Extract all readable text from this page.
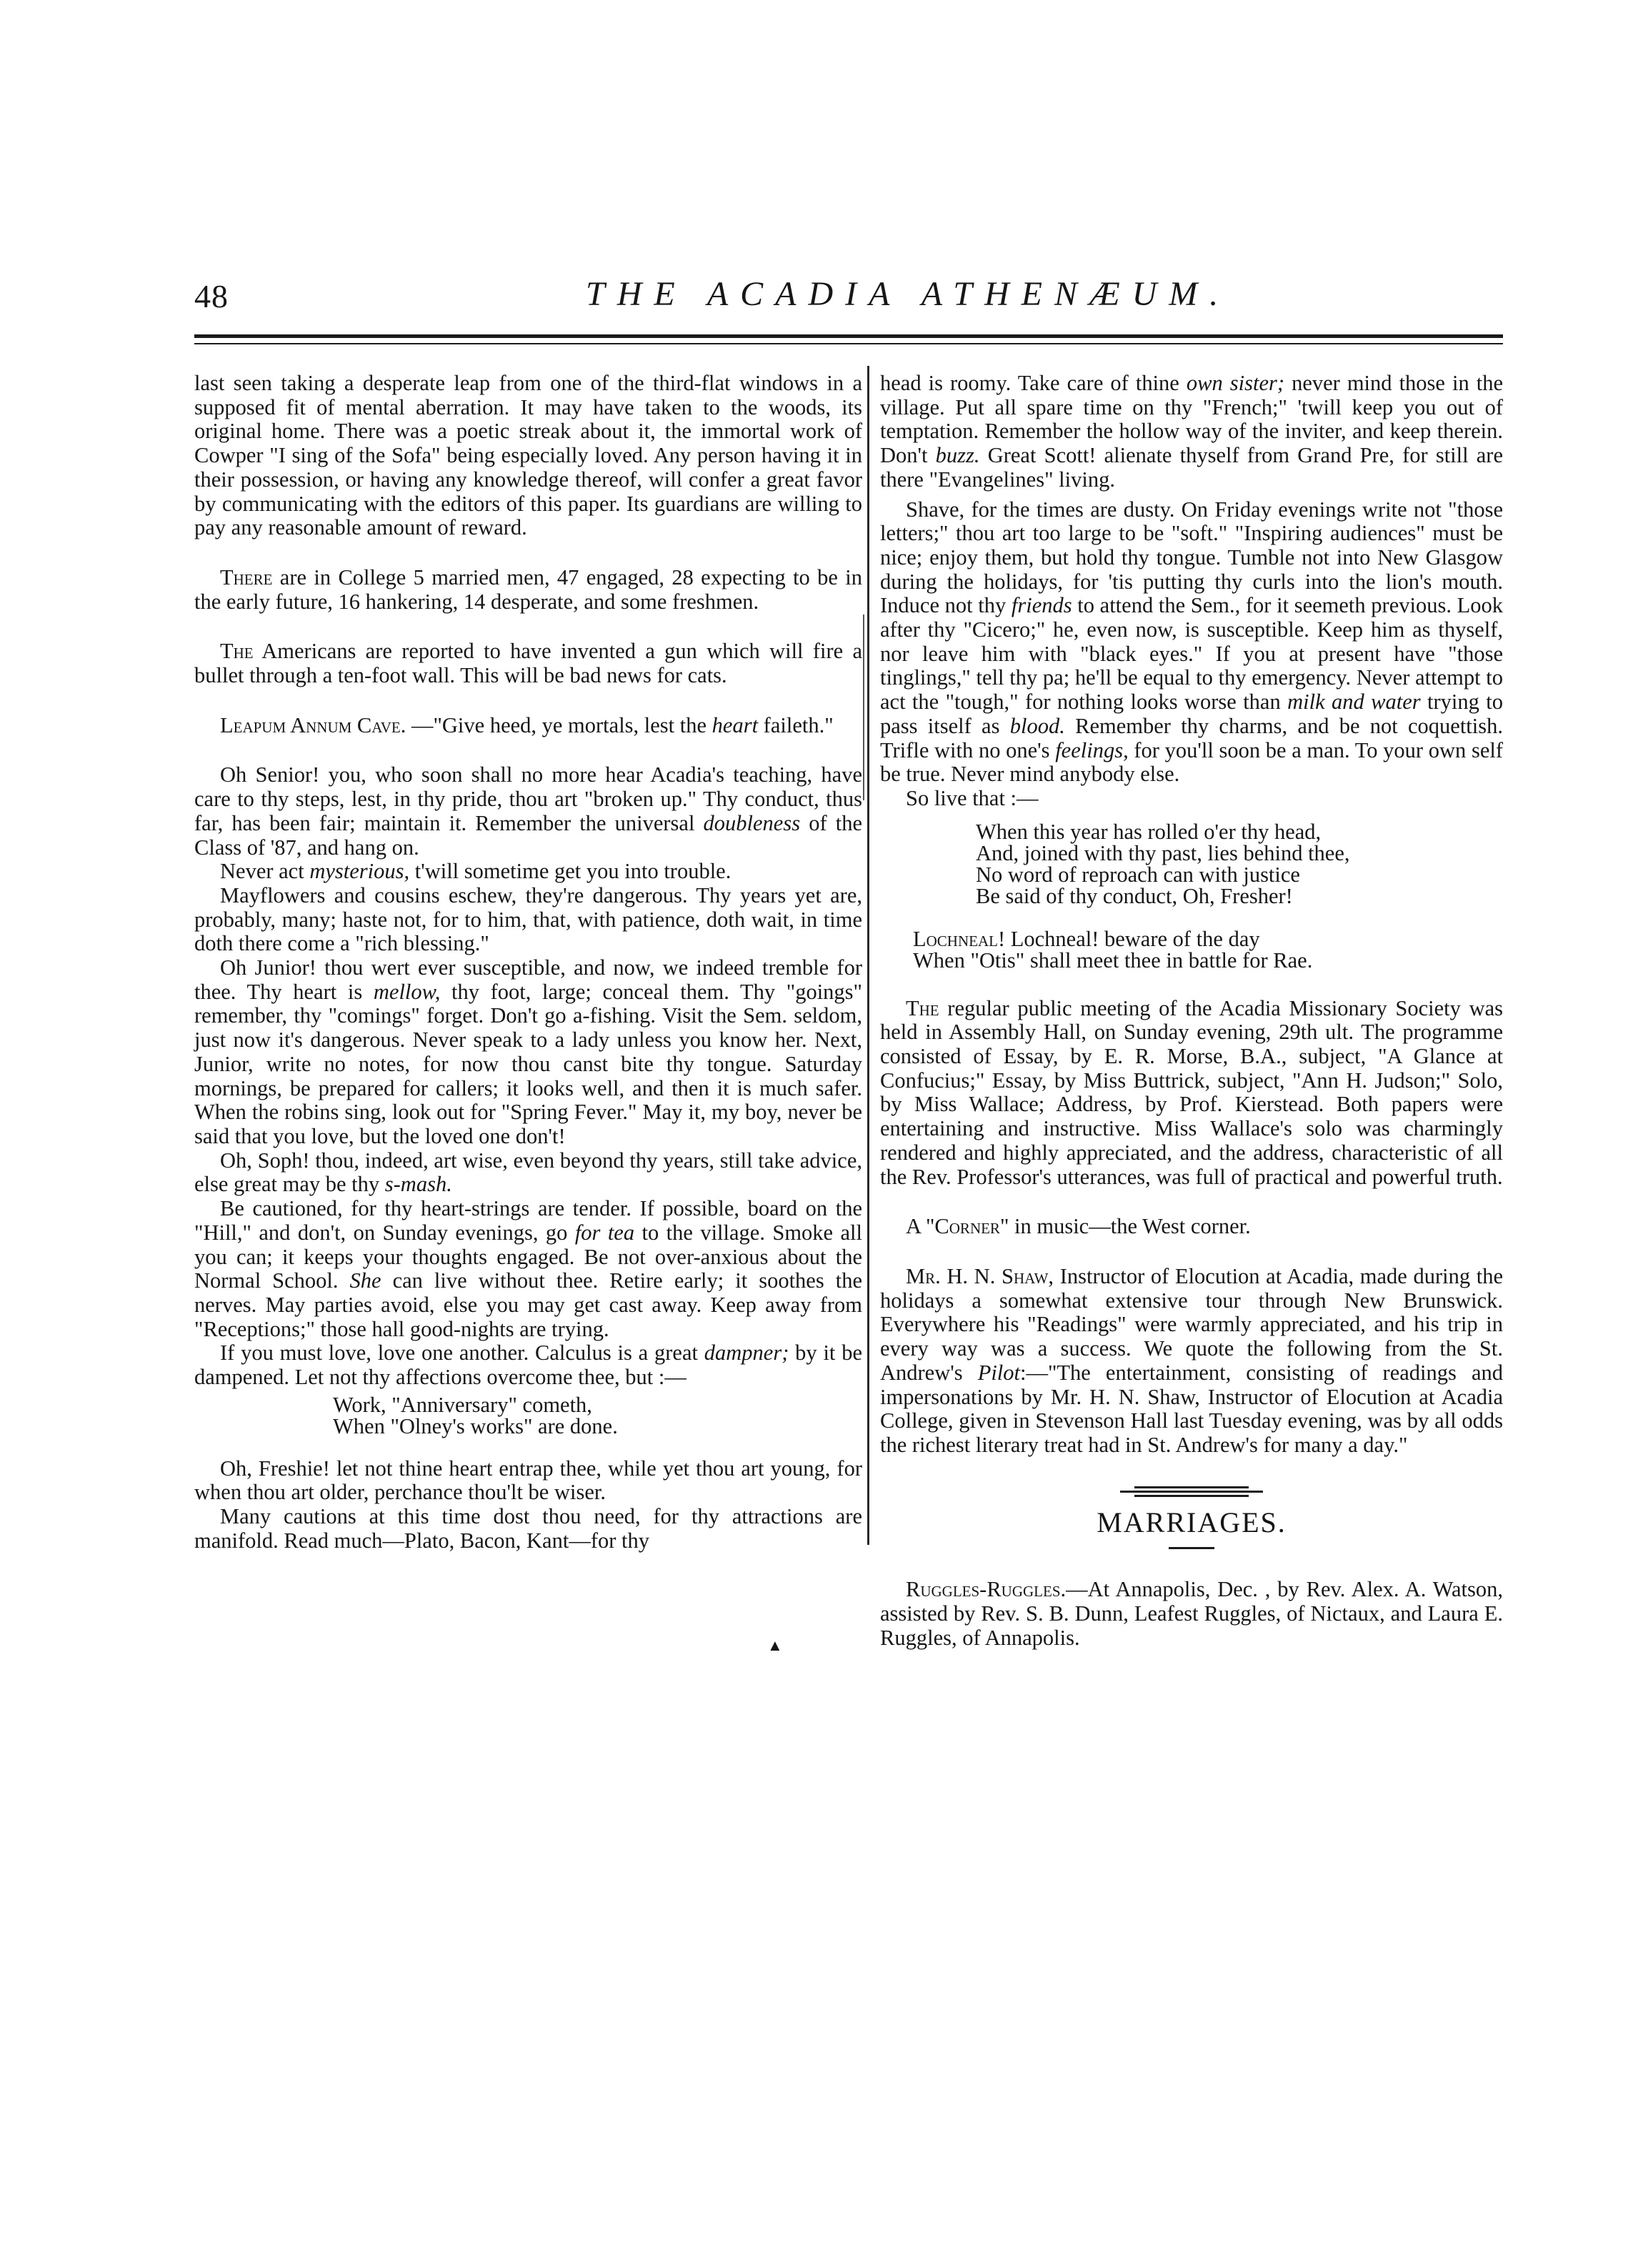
48	THE ACADIA ATHENÆUM.

last seen taking a desperate leap from one of the third-flat windows in a supposed fit of mental aberration. It may have taken to the woods, its original home. There was a poetic streak about it, the immortal work of Cowper "I sing of the Sofa" being especially loved. Any person having it in their possession, or having any knowledge thereof, will confer a great favor by communicating with the editors of this paper. Its guardians are willing to pay any reasonable amount of reward.

There are in College 5 married men, 47 engaged, 28 expecting to be in the early future, 16 hankering, 14 desperate, and some freshmen.

The Americans are reported to have invented a gun which will fire a bullet through a ten-foot wall. This will be bad news for cats.

Leapum Annum Cave. —"Give heed, ye mortals, lest the heart faileth."

Oh Senior! you, who soon shall no more hear Acadia's teaching, have care to thy steps, lest, in thy pride, thou art "broken up." Thy conduct, thus far, has been fair; maintain it. Remember the universal doubleness of the Class of '87, and hang on.

Never act mysterious, t'will sometime get you into trouble.

Mayflowers and cousins eschew, they're dangerous. Thy years yet are, probably, many; haste not, for to him, that, with patience, doth wait, in time doth there come a "rich blessing."

Oh Junior! thou wert ever susceptible, and now, we indeed tremble for thee. Thy heart is mellow, thy foot, large; conceal them. Thy "goings" remember, thy "comings" forget. Don't go a-fishing. Visit the Sem. seldom, just now it's dangerous. Never speak to a lady unless you know her. Next, Junior, write no notes, for now thou canst bite thy tongue. Saturday mornings, be prepared for callers; it looks well, and then it is much safer. When the robins sing, look out for "Spring Fever." May it, my boy, never be said that you love, but the loved one don't!

Oh, Soph! thou, indeed, art wise, even beyond thy years, still take advice, else great may be thy s-mash.

Be cautioned, for thy heart-strings are tender. If possible, board on the "Hill," and don't, on Sunday evenings, go for tea to the village. Smoke all you can; it keeps your thoughts engaged. Be not over-anxious about the Normal School. She can live without thee. Retire early; it soothes the nerves. May parties avoid, else you may get cast away. Keep away from "Receptions;" those hall good-nights are trying.

If you must love, love one another. Calculus is a great dampner; by it be dampened. Let not thy affections overcome thee, but :—

Work, "Anniversary" cometh,

When "Olney's works" are done.

Oh, Freshie! let not thine heart entrap thee, while yet thou art young, for when thou art older, perchance thou'lt be wiser.

Many cautions at this time dost thou need, for thy attractions are manifold. Read much—Plato, Bacon, Kant—for thy

head is roomy. Take care of thine own sister; never mind those in the village. Put all spare time on thy "French;" 'twill keep you out of temptation. Remember the hollow way of the inviter, and keep therein. Don't buzz. Great Scott! alienate thyself from Grand Pre, for still are there "Evangelines" living.

Shave, for the times are dusty. On Friday evenings write not "those letters;" thou art too large to be "soft." "Inspiring audiences" must be nice; enjoy them, but hold thy tongue. Tumble not into New Glasgow during the holidays, for 'tis putting thy curls into the lion's mouth. Induce not thy friends to attend the Sem., for it seemeth previous. Look after thy "Cicero;" he, even now, is susceptible. Keep him as thyself, nor leave him with "black eyes." If you at present have "those tinglings," tell thy pa; he'll be equal to thy emergency. Never attempt to act the "tough," for nothing looks worse than milk and water trying to pass itself as blood. Remember thy charms, and be not coquettish. Trifle with no one's feelings, for you'll soon be a man. To your own self be true. Never mind anybody else.

So live that :—

When this year has rolled o'er thy head,

And, joined with thy past, lies behind thee,

No word of reproach can with justice

Be said of thy conduct, Oh, Fresher!

Lochneal! Lochneal! beware of the day

When "Otis" shall meet thee in battle for Rae.

The regular public meeting of the Acadia Missionary Society was held in Assembly Hall, on Sunday evening, 29th ult. The programme consisted of Essay, by E. R. Morse, B.A., subject, "A Glance at Confucius;" Essay, by Miss Buttrick, subject, "Ann H. Judson;" Solo, by Miss Wallace; Address, by Prof. Kierstead. Both papers were entertaining and instructive. Miss Wallace's solo was charmingly rendered and highly appreciated, and the address, characteristic of all the Rev. Professor's utterances, was full of practical and powerful truth.

A "Corner" in music—the West corner.

Mr. H. N. Shaw, Instructor of Elocution at Acadia, made during the holidays a somewhat extensive tour through New Brunswick. Everywhere his "Readings" were warmly appreciated, and his trip in every way was a success. We quote the following from the St. Andrew's Pilot:—"The entertainment, consisting of readings and impersonations by Mr. H. N. Shaw, Instructor of Elocution at Acadia College, given in Stevenson Hall last Tuesday evening, was by all odds the richest literary treat had in St. Andrew's for many a day."

MARRIAGES.

Ruggles-Ruggles.—At Annapolis, Dec. , by Rev. Alex. A. Watson, assisted by Rev. S. B. Dunn, Leafest Ruggles, of Nictaux, and Laura E. Ruggles, of Annapolis.

▲
